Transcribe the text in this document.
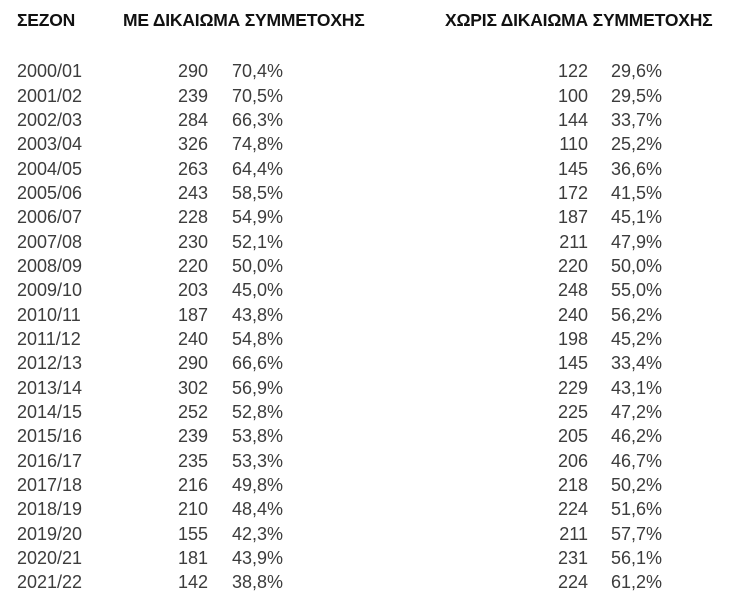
ΣΕΖΟΝ	ΜΕ ΔΙΚΑΙΩΜΑ ΣΥΜΜΕΤΟΧΗΣ	ΧΩΡΙΣ ΔΙΚΑΙΩΜΑ ΣΥΜΜΕΤΟΧΗΣ
2000/01	290	70,4%	122	29,6%
2001/02	239	70,5%	100	29,5%
2002/03	284	66,3%	144	33,7%
2003/04	326	74,8%	110	25,2%
2004/05	263	64,4%	145	36,6%
2005/06	243	58,5%	172	41,5%
2006/07	228	54,9%	187	45,1%
2007/08	230	52,1%	211	47,9%
2008/09	220	50,0%	220	50,0%
2009/10	203	45,0%	248	55,0%
2010/11	187	43,8%	240	56,2%
2011/12	240	54,8%	198	45,2%
2012/13	290	66,6%	145	33,4%
2013/14	302	56,9%	229	43,1%
2014/15	252	52,8%	225	47,2%
2015/16	239	53,8%	205	46,2%
2016/17	235	53,3%	206	46,7%
2017/18	216	49,8%	218	50,2%
2018/19	210	48,4%	224	51,6%
2019/20	155	42,3%	211	57,7%
2020/21	181	43,9%	231	56,1%
2021/22	142	38,8%	224	61,2%
